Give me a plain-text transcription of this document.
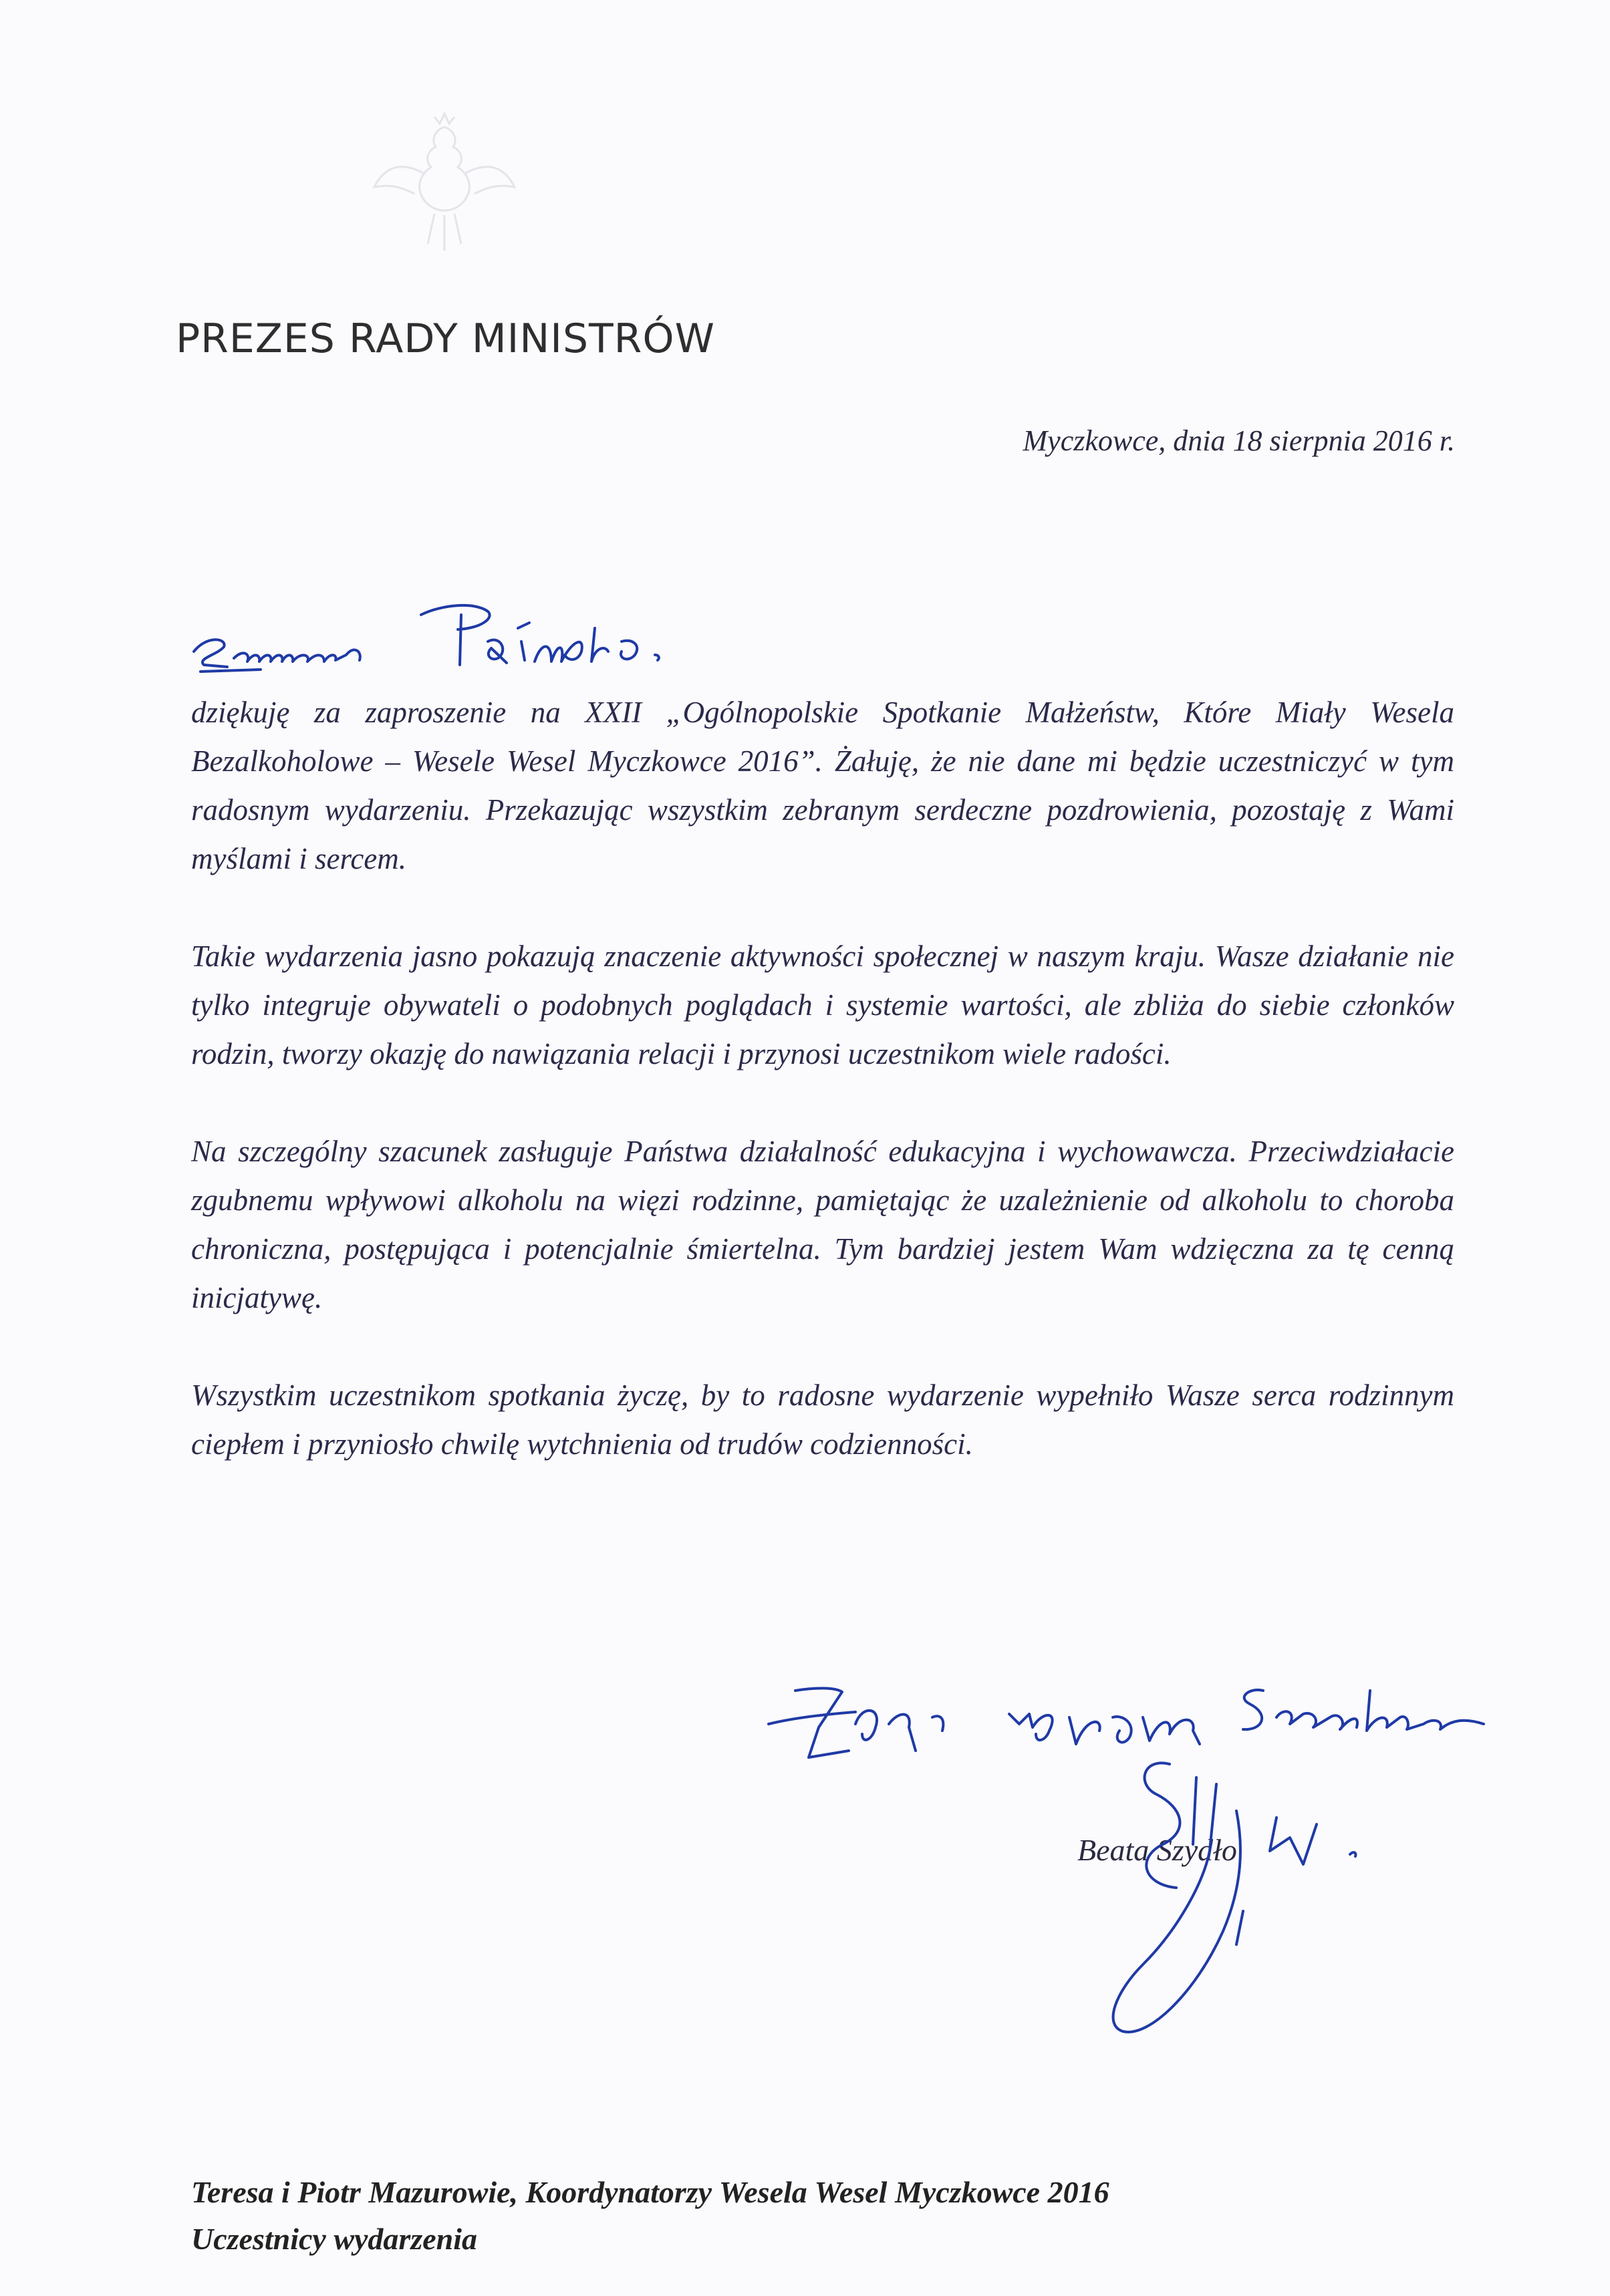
PREZES RADY MINISTRÓW
Myczkowce, dnia 18 sierpnia 2016 r.

dziękuję za zaproszenie na XXII „Ogólnopolskie Spotkanie Małżeństw, Które Miały Wesela Bezalkoholowe – Wesele Wesel Myczkowce 2016”. Żałuję, że nie dane mi będzie uczestniczyć w tym radosnym wydarzeniu. Przekazując wszystkim zebranym serdeczne pozdrowienia, pozostaję z Wami myślami i sercem.

Takie wydarzenia jasno pokazują znaczenie aktywności społecznej w naszym kraju. Wasze działanie nie tylko integruje obywateli o podobnych poglądach i systemie wartości, ale zbliża do siebie członków rodzin, tworzy okazję do nawiązania relacji i przynosi uczestnikom wiele radości.

Na szczególny szacunek zasługuje Państwa działalność edukacyjna i wychowawcza. Przeciwdziałacie zgubnemu wpływowi alkoholu na więzi rodzinne, pamiętając że uzależnienie od alkoholu to choroba chroniczna, postępująca i potencjalnie śmiertelna. Tym bardziej jestem Wam wdzięczna za tę cenną inicjatywę.

Wszystkim uczestnikom spotkania życzę, by to radosne wydarzenie wypełniło Wasze serca rodzinnym ciepłem i przyniosło chwilę wytchnienia od trudów codzienności.

Beata Szydło
Teresa i Piotr Mazurowie, Koordynatorzy Wesela Wesel Myczkowce 2016
Uczestnicy wydarzenia
